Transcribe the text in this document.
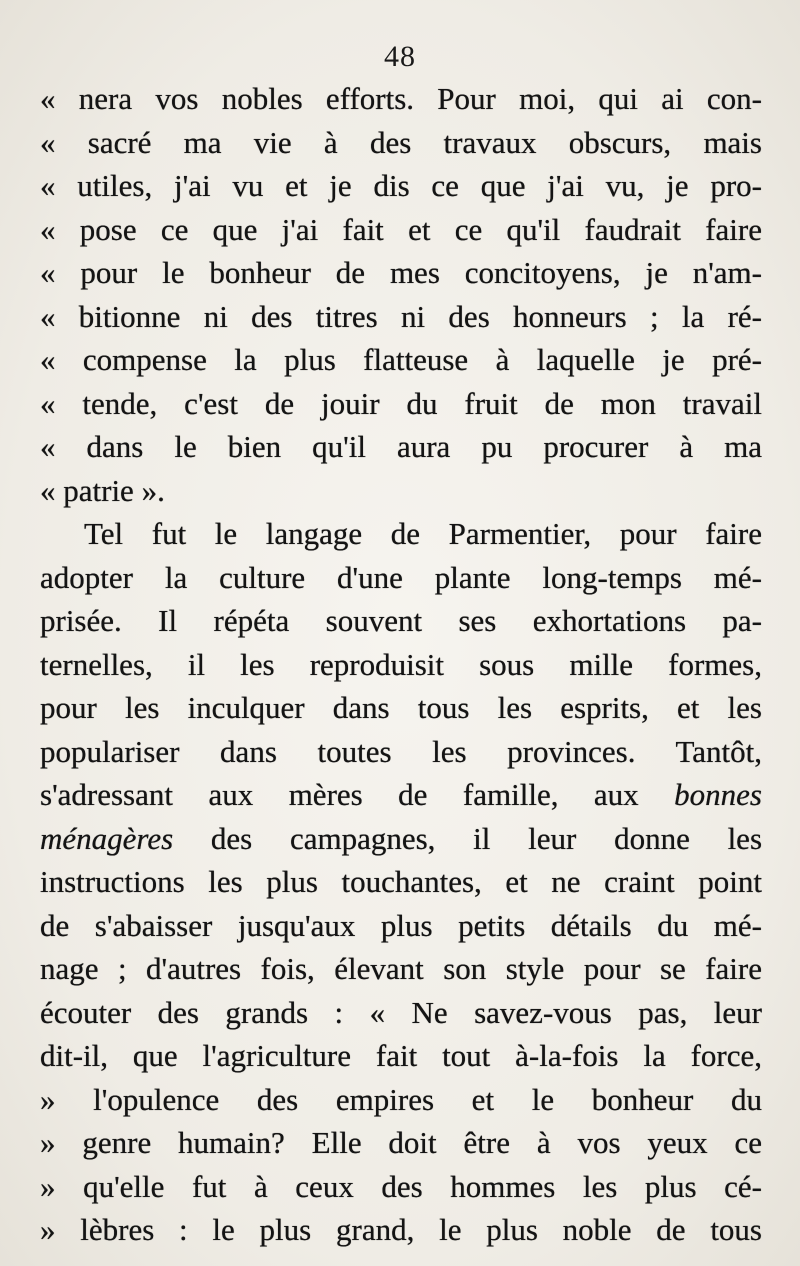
48
« nera vos nobles efforts. Pour moi, qui ai con-
« sacré ma vie à des travaux obscurs, mais
« utiles, j'ai vu et je dis ce que j'ai vu, je pro-
« pose ce que j'ai fait et ce qu'il faudrait faire
« pour le bonheur de mes concitoyens, je n'am-
« bitionne ni des titres ni des honneurs ; la ré-
« compense la plus flatteuse à laquelle je pré-
« tende, c'est de jouir du fruit de mon travail
« dans le bien qu'il aura pu procurer à ma
« patrie ».
Tel fut le langage de Parmentier, pour faire
adopter la culture d'une plante long-temps mé-
prisée. Il répéta souvent ses exhortations pa-
ternelles, il les reproduisit sous mille formes,
pour les inculquer dans tous les esprits, et les
populariser dans toutes les provinces. Tantôt,
s'adressant aux mères de famille, aux bonnes
ménagères des campagnes, il leur donne les
instructions les plus touchantes, et ne craint point
de s'abaisser jusqu'aux plus petits détails du mé-
nage ; d'autres fois, élevant son style pour se faire
écouter des grands : « Ne savez-vous pas, leur
dit-il, que l'agriculture fait tout à-la-fois la force,
» l'opulence des empires et le bonheur du
» genre humain? Elle doit être à vos yeux ce
» qu'elle fut à ceux des hommes les plus cé-
» lèbres : le plus grand, le plus noble de tous
